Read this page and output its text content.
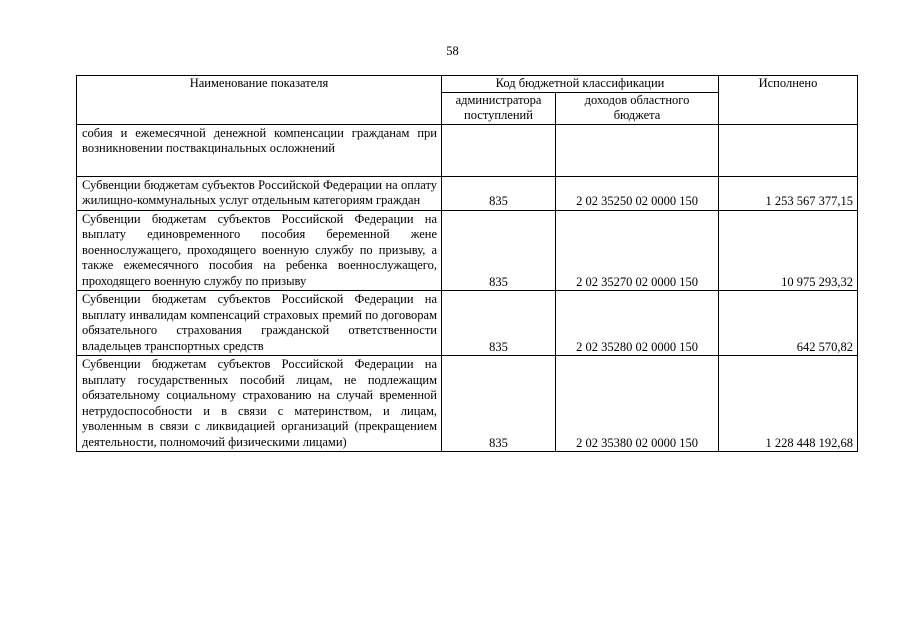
58
Наименование показателя	Код бюджетной классификации		Исполнено
	администратора поступлений	доходов областного бюджета	
собия и ежемесячной денежной компенсации гражданам при возникновении поствакцинальных осложнений			
Субвенции бюджетам субъектов Российской Федерации на оплату жилищно-коммунальных услуг отдельным категориям граждан	835	2 02 35250 02 0000 150	1 253 567 377,15
Субвенции бюджетам субъектов Российской Федерации на выплату единовременного пособия беременной жене военнослужащего, проходящего военную службу по призыву, а также ежемесячного пособия на ребенка военнослужащего, проходящего военную службу по призыву	835	2 02 35270 02 0000 150	10 975 293,32
Субвенции бюджетам субъектов Российской Федерации на выплату инвалидам компенсаций страховых премий по договорам обязательного страхования гражданской ответственности владельцев транспортных средств	835	2 02 35280 02 0000 150	642 570,82
Субвенции бюджетам субъектов Российской Федерации на выплату государственных пособий лицам, не подлежащим обязательному социальному страхованию на случай временной нетрудоспособности и в связи с материнством, и лицам, уволенным в связи с ликвидацией организаций (прекращением деятельности, полномочий физическими лицами)	835	2 02 35380 02 0000 150	1 228 448 192,68
